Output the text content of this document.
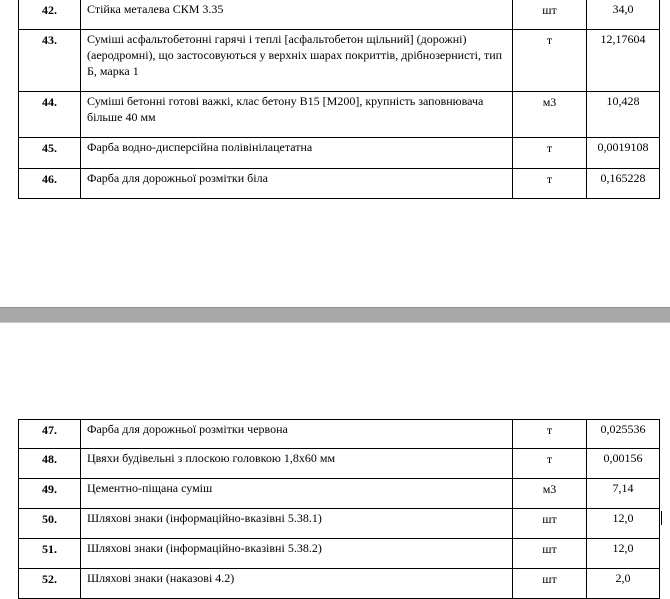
42.	Стійка металева СКМ 3.35	шт	34,0
43.	Суміші асфальтобетонні гарячі і теплі [асфальтобетон щільний] (дорожні)(аеродромні), що застосовуються у верхніх шарах покриттів, дрібнозернисті, тип Б, марка 1	т	12,17604
44.	Суміші бетонні готові важкі, клас бетону В15 [М200], крупність заповнювача більше 40 мм	м3	10,428
45.	Фарба водно-дисперсійна полівінілацетатна	т	0,0019108
46.	Фарба для дорожньої розмітки біла	т	0,165228
47.	Фарба для дорожньої розмітки червона	т	0,025536
48.	Цвяхи будівельні з плоскою головкою 1,8х60 мм	т	0,00156
49.	Цементно-піщана суміш	м3	7,14
50.	Шляхові знаки (інформаційно-вказівні 5.38.1)	шт	12,0
51.	Шляхові знаки (інформаційно-вказівні 5.38.2)	шт	12,0
52.	Шляхові знаки (наказові 4.2)	шт	2,0
